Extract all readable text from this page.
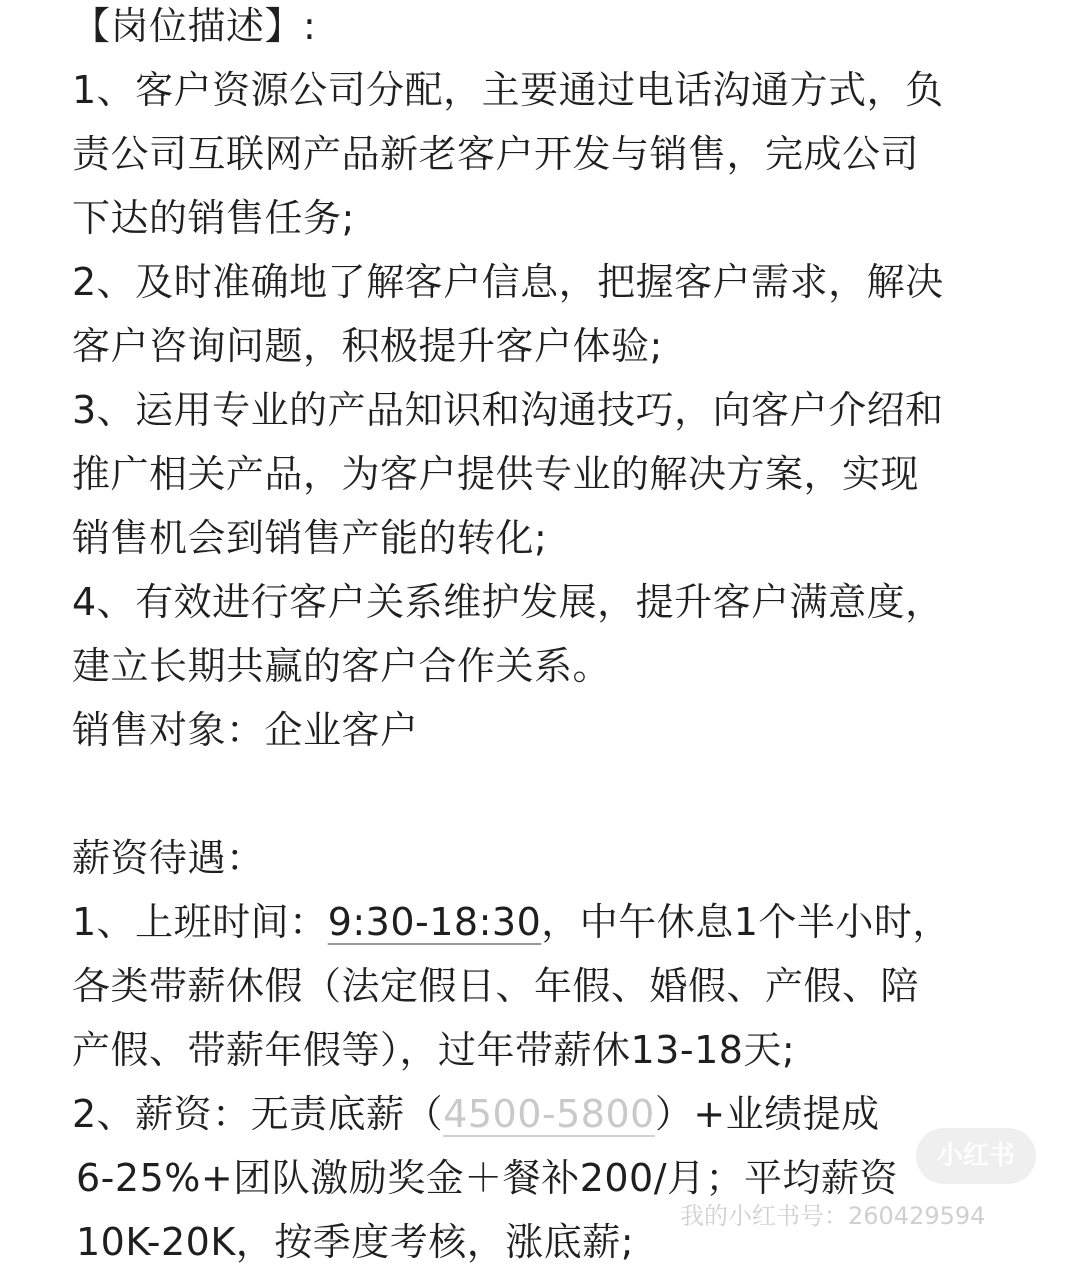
【岗位描述】:
1、客户资源公司分配，主要通过电话沟通方式，负
责公司互联网产品新老客户开发与销售，完成公司
下达的销售任务;
2、及时准确地了解客户信息，把握客户需求，解决
客户咨询问题，积极提升客户体验;
3、运用专业的产品知识和沟通技巧，向客户介绍和
推广相关产品，为客户提供专业的解决方案，实现
销售机会到销售产能的转化;
4、有效进行客户关系维护发展，提升客户满意度，
建立长期共赢的客户合作关系。
销售对象：企业客户
薪资待遇：
1、上班时间：9:30-18:30，中午休息1个半小时，
各类带薪休假（法定假日、年假、婚假、产假、陪
产假、带薪年假等），过年带薪休13-18天;
2、薪资：无责底薪（4500-5800）+业绩提成
6-25%+团队激励奖金＋餐补200/月；平均薪资
10K-20K，按季度考核，涨底薪;
小红书
我的小红书号：260429594
